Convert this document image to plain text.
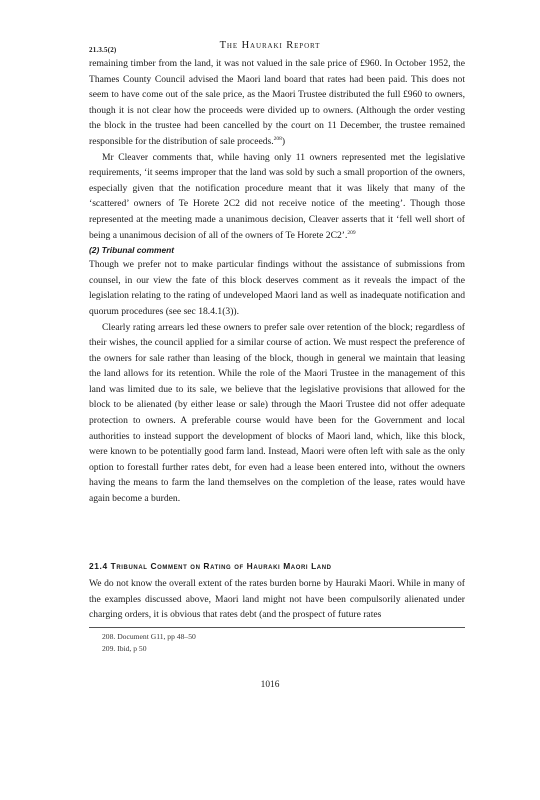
21.3.5(2)	The Hauraki Report

remaining timber from the land, it was not valued in the sale price of £960. In October 1952, the Thames County Council advised the Maori land board that rates had been paid. This does not seem to have come out of the sale price, as the Maori Trustee distributed the full £960 to owners, though it is not clear how the proceeds were divided up to owners. (Although the order vesting the block in the trustee had been cancelled by the court on 11 December, the trustee remained responsible for the distribution of sale proceeds.$^{208}$)

Mr Cleaver comments that, while having only 11 owners represented met the legislative requirements, ‘it seems improper that the land was sold by such a small proportion of the owners, especially given that the notification procedure meant that it was likely that many of the ‘scattered’ owners of Te Horete 2C2 did not receive notice of the meeting’. Though those represented at the meeting made a unanimous decision, Cleaver asserts that it ‘fell well short of being a unanimous decision of all of the owners of Te Horete 2C2’.$^{209}$

(2) Tribunal comment

Though we prefer not to make particular findings without the assistance of submissions from counsel, in our view the fate of this block deserves comment as it reveals the impact of the legislation relating to the rating of undeveloped Maori land as well as inadequate notification and quorum procedures (see sec 18.4.1(3)).

Clearly rating arrears led these owners to prefer sale over retention of the block; regardless of their wishes, the council applied for a similar course of action. We must respect the preference of the owners for sale rather than leasing of the block, though in general we maintain that leasing the land allows for its retention. While the role of the Maori Trustee in the management of this land was limited due to its sale, we believe that the legislative provisions that allowed for the block to be alienated (by either lease or sale) through the Maori Trustee did not offer adequate protection to owners. A preferable course would have been for the Government and local authorities to instead support the development of blocks of Maori land, which, like this block, were known to be potentially good farm land. Instead, Maori were often left with sale as the only option to forestall further rates debt, for even had a lease been entered into, without the owners having the means to farm the land themselves on the completion of the lease, rates would have again become a burden.

21.4 Tribunal Comment on Rating of Hauraki Maori Land

We do not know the overall extent of the rates burden borne by Hauraki Maori. While in many of the examples discussed above, Maori land might not have been compulsorily alienated under charging orders, it is obvious that rates debt (and the prospect of future rates

208. Document G11, pp 48–50
209. Ibid, p 50
1016
